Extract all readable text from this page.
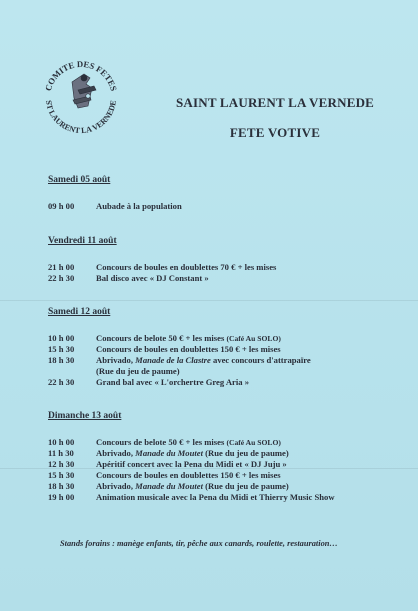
COMITE DES FETES
ST LAURENT LA VERNEDE	SAINT LAURENT LA VERNEDE
FETE VOTIVE
Samedi 05 août
09 h 00	Aubade à la population
Vendredi 11 août
21 h 00	Concours de boules en doublettes 70 € + les mises
22 h 30	Bal disco avec « DJ Constant »
Samedi 12 août
10 h 00	Concours de belote 50 € + les mises (Café Au SOLO)
15 h 30	Concours de boules en doublettes 150 € + les mises
18 h 30	Abrivado, Manade de la Clastre avec concours d'attrapaïre
(Rue du jeu de paume)
22 h 30	Grand bal avec « L'orchertre Greg Aria »
Dimanche 13 août
10 h 00	Concours de belote 50 € + les mises (Café Au SOLO)
11 h 30	Abrivado, Manade du Moutet (Rue du jeu de paume)
12 h 30	Apéritif concert avec la Pena du Midi et « DJ Juju »
15 h 30	Concours de boules en doublettes 150 € + les mises
18 h 30	Abrivado, Manade du Moutet (Rue du jeu de paume)
19 h 00	Animation musicale avec la Pena du Midi et Thierry Music Show
Stands forains : manège enfants, tir, pêche aux canards, roulette, restauration…
